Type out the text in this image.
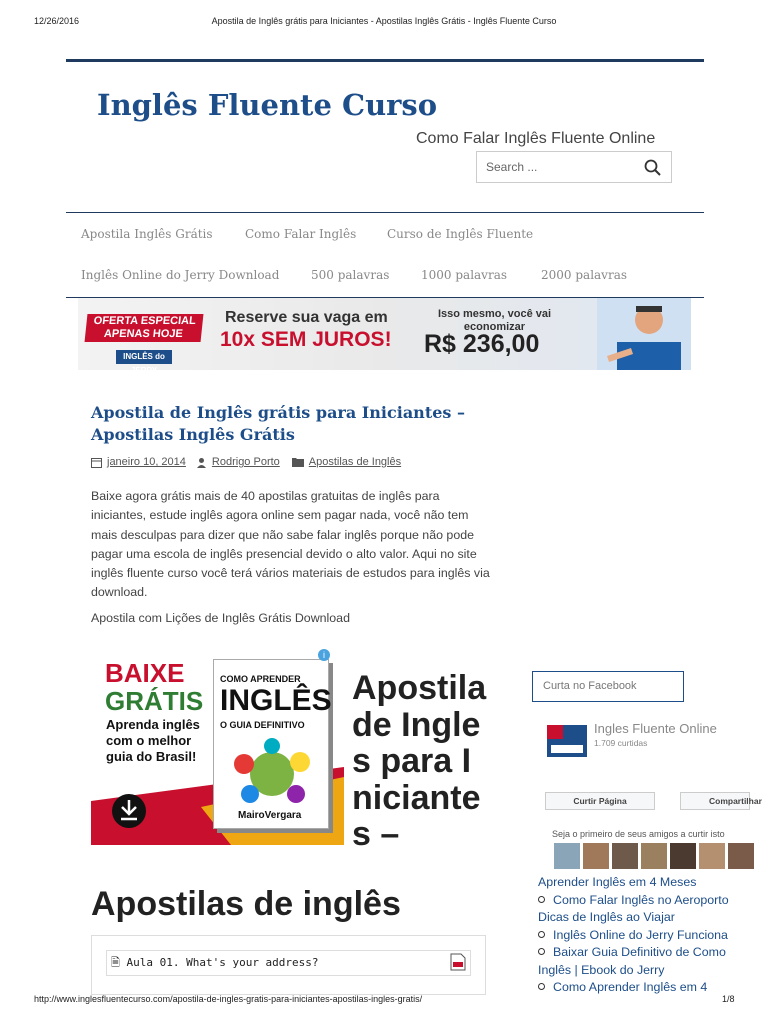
12/26/2016	Apostila de Inglês grátis para Iniciantes - Apostilas Inglês Grátis - Inglês Fluente Curso
Inglês Fluente Curso
Como Falar Inglês Fluente Online
Search ...
Apostila Inglês Grátis	Como Falar Inglês	Curso de Inglês Fluente
Inglês Online do Jerry Download	500 palavras	1000 palavras	2000 palavras
OFERTA ESPECIAL APENAS HOJE
INGLÊS do JERRY
Reserve sua vaga em
10x SEM JUROS!
Isso mesmo, você vai economizar
R$ 236,00
Apostila de Inglês grátis para Iniciantes – Apostilas Inglês Grátis
janeiro 10, 2014 Rodrigo Porto	Apostilas de Inglês

Baixe agora grátis mais de 40 apostilas gratuitas de inglês para iniciantes, estude inglês agora online sem pagar nada, você não tem mais desculpas para dizer que não sabe falar inglês porque não pode pagar uma escola de inglês presencial devido o alto valor. Aqui no site inglês fluente curso você terá vários materiais de estudos para inglês via download.

Apostila com Lições de Inglês Grátis Download

BAIXE
GRÁTIS
Aprenda inglês com o melhor guia do Brasil!
COMO APRENDER
INGLÊS
O GUIA DEFINITIVO
MairoVergara
i
Apostila de Ingles para Iniciantes –
Apostilas de inglês
🗎 Aula 01. What's your address?
Curta no Facebook
Ingles Fluente Online
1.709 curtidas
Curtir Página	Compartilhar
Seja o primeiro de seus amigos a curtir isto
Aprender Inglês em 4 Meses
Como Falar Inglês no Aeroporto
Dicas de Inglês ao Viajar
Inglês Online do Jerry Funciona
Baixar Guia Definitivo de Como
Inglês | Ebook do Jerry
Como Aprender Inglês em 4
http://www.inglesfluentecurso.com/apostila-de-ingles-gratis-para-iniciantes-apostilas-ingles-gratis/	1/8
